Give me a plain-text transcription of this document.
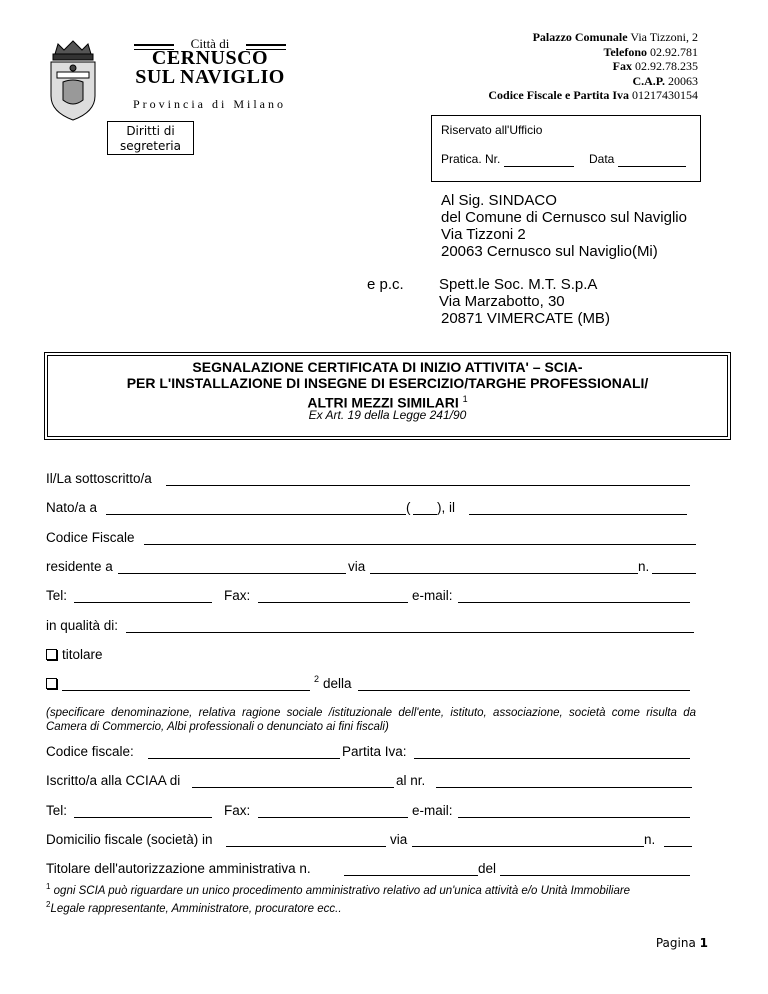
Città di
CERNUSCO
SUL NAVIGLIO
Provincia di Milano
Palazzo Comunale Via Tizzoni, 2
Telefono 02.92.781
Fax 02.92.78.235
C.A.P. 20063
Codice Fiscale e Partita Iva 01217430154
Diritti di segreteria
Riservato all'Ufficio
Pratica. Nr.	Data
Al Sig. SINDACO
del Comune di Cernusco sul Naviglio
Via Tizzoni 2
20063 Cernusco sul Naviglio(Mi)
e p.c. Spett.le Soc. M.T. S.p.A
Via Marzabotto, 30
20871 VIMERCATE (MB)
SEGNALAZIONE CERTIFICATA DI INIZIO ATTIVITA' – SCIA-
PER L'INSTALLAZIONE DI INSEGNE DI ESERCIZIO/TARGHE PROFESSIONALI/
ALTRI MEZZI SIMILARI $^1$
Ex Art. 19 della Legge 241/90
Il/La sottoscritto/a
Nato/a a	( ), il
Codice Fiscale
residente a	via	n.
Tel:	Fax:	e-mail:
in qualità di:
titolare
2 della
(specificare denominazione, relativa ragione sociale /istituzionale dell'ente, istituto, associazione, società come risulta da Camera di Commercio, Albi professionali o denunciato ai fini fiscali)
Codice fiscale:	Partita Iva:
Iscritto/a alla CCIAA di	al nr.
Tel:	Fax:	e-mail:
Domicilio fiscale (società) in	via	n.
Titolare dell'autorizzazione amministrativa n.	del
$^1$ ogni SCIA può riguardare un unico procedimento amministrativo relativo ad un'unica attività e/o Unità Immobiliare
$^2$Legale rappresentante, Amministratore, procuratore ecc..
Pagina 1
